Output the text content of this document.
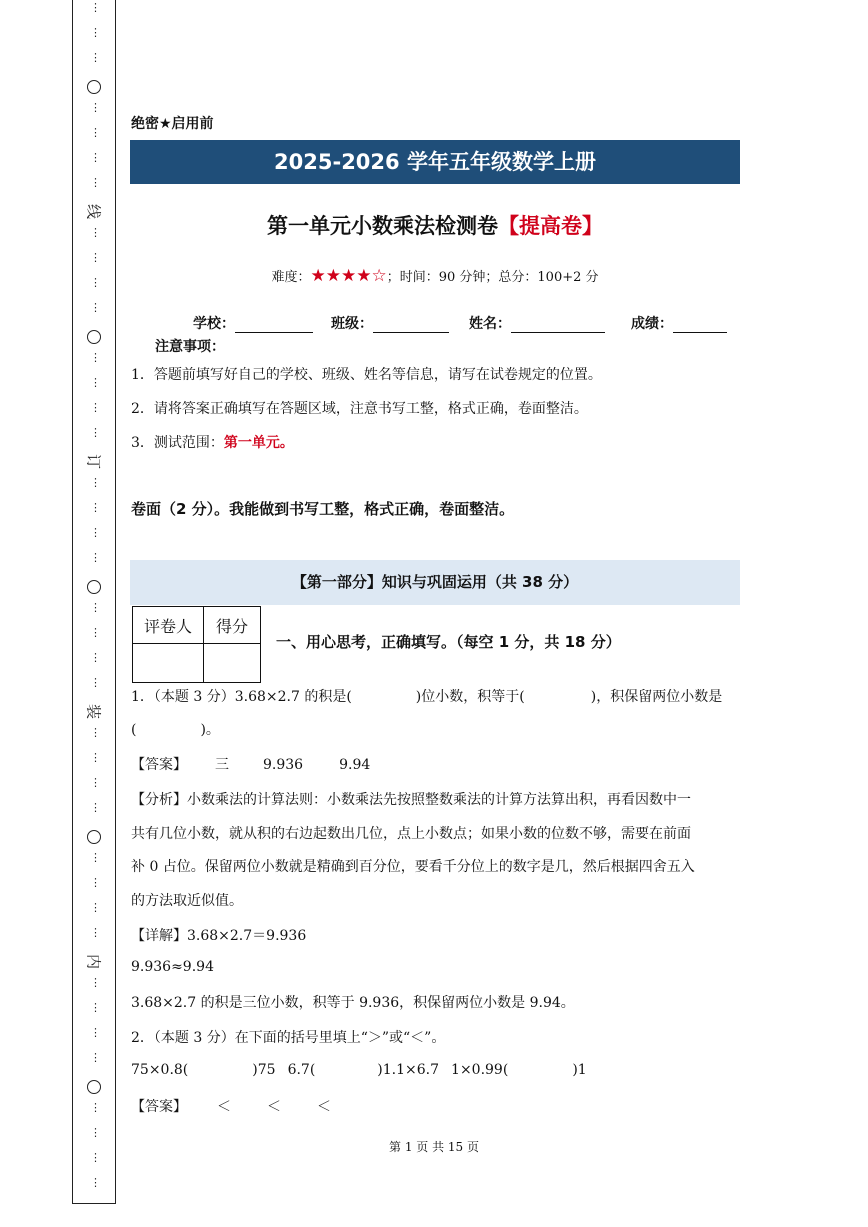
⋮
⋮
⋮
⋮
⋮
⋮
⋮
⋮
⋮
⋮
⋮
⋮
⋮
⋮
⋮
⋮
⋮
⋮
⋮
⋮
⋮
⋮
⋮
⋮
⋮
⋮
⋮
⋮
⋮
⋮
⋮
⋮
⋮
⋮
⋮
⋮
⋮
⋮
⋮
线
订
装
内
绝密★启用前
2025-2026 学年五年级数学上册
第一单元小数乘法检测卷【提高卷】
难度：★★★★☆；时间：90 分钟；总分：100+2 分
学校：	班级：	姓名：	成绩：
注意事项：
1．答题前填写好自己的学校、班级、姓名等信息，请写在试卷规定的位置。
2．请将答案正确填写在答题区域，注意书写工整，格式正确，卷面整洁。
3．测试范围：第一单元。
卷面（2 分）。我能做到书写工整，格式正确，卷面整洁。
【第一部分】知识与巩固运用（共 38 分）
评卷人	得分

一、用心思考，正确填写。（每空 1 分，共 18 分）
1．（本题 3 分）3.68×2.7 的积是(	)位小数，积等于(	)，积保留两位小数是
(	)。
【答案】 三 9.936	9.94
【分析】小数乘法的计算法则：小数乘法先按照整数乘法的计算方法算出积，再看因数中一
共有几位小数，就从积的右边起数出几位，点上小数点；如果小数的位数不够，需要在前面
补 0 占位。保留两位小数就是精确到百分位，要看千分位上的数字是几，然后根据四舍五入
的方法取近似值。
【详解】3.68×2.7＝9.936
9.936≈9.94
3.68×2.7 的积是三位小数，积等于 9.936，积保留两位小数是 9.94。
2．（本题 3 分）在下面的括号里填上“＞”或“＜”。
75×0.8(	)75 6.7(	)1.1×6.7 1×0.99(	)1
【答案】 ＜	＜	＜
第 1 页 共 15 页
